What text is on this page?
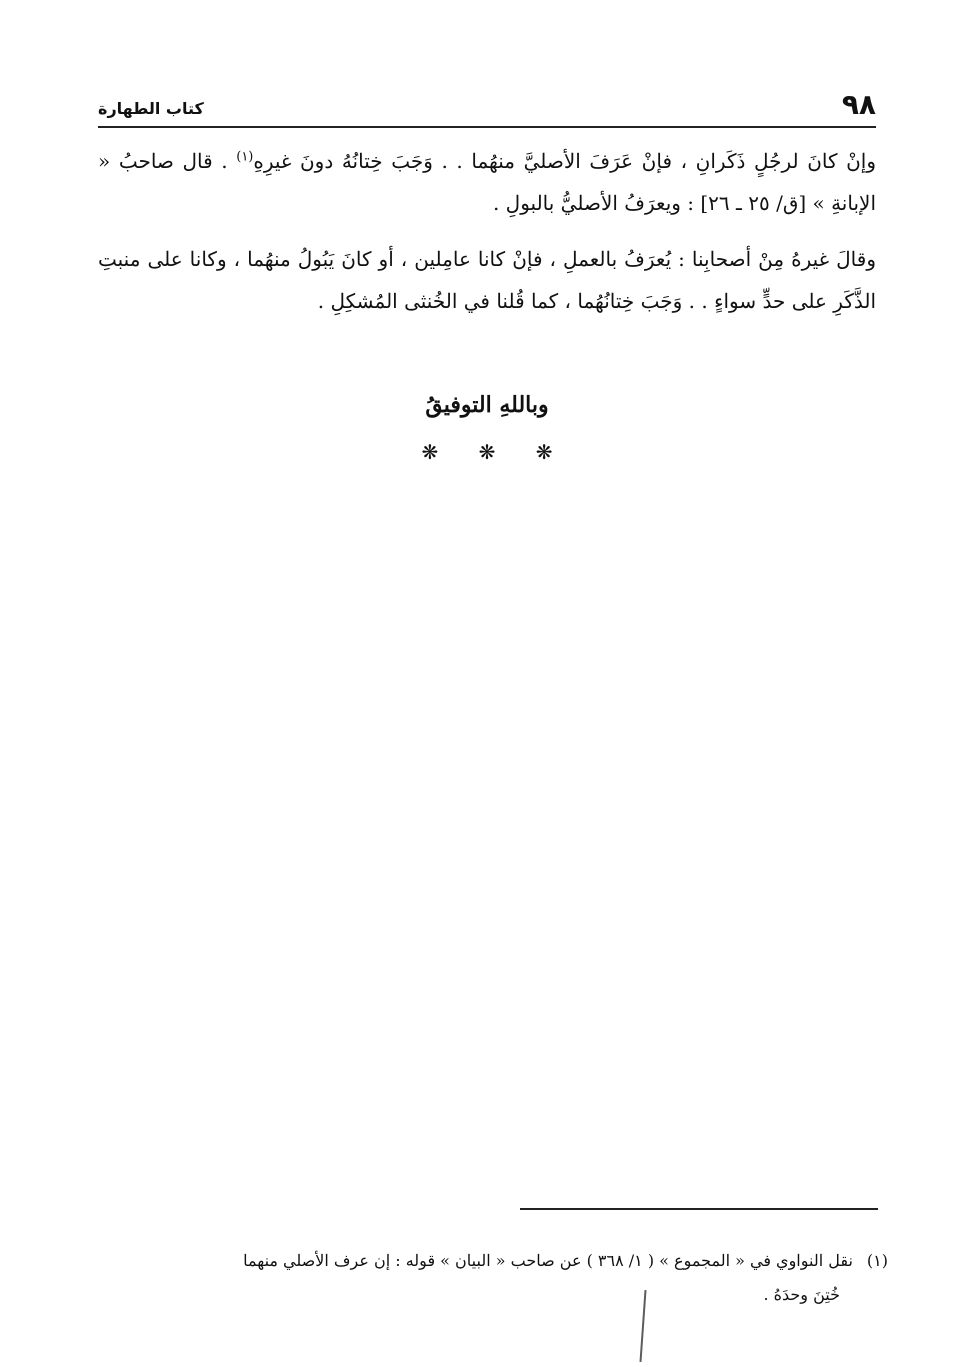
٩٨
كتاب الطهارة

وإنْ كانَ لرجُلٍ ذَكَرانِ ، فإنْ عَرَفَ الأصليَّ منهُما . . وَجَبَ خِتانُهُ دونَ غيرِهِ$^{(١)}$ . قال صاحبُ « الإبانةِ » [ق/ ٢٥ ـ ٢٦] : ويعرَفُ الأصليُّ بالبولِ .

وقالَ غيرهُ مِنْ أصحابِنا : يُعرَفُ بالعملِ ، فإنْ كانا عامِلين ، أو كانَ يَبُولُ منهُما ، وكانا على منبتِ الذَّكَرِ على حدٍّ سواءٍ . . وَجَبَ خِتانُهُما ، كما قُلنا في الخُنثى المُشكِلِ .

وباللهِ التوفيقُ
❋ ❋ ❋

(١)نقل النواوي في « المجموع » ( ١/ ٣٦٨ ) عن صاحب « البيان » قوله : إن عرف الأصلي منهما

خُتِنَ وحدَهُ .
